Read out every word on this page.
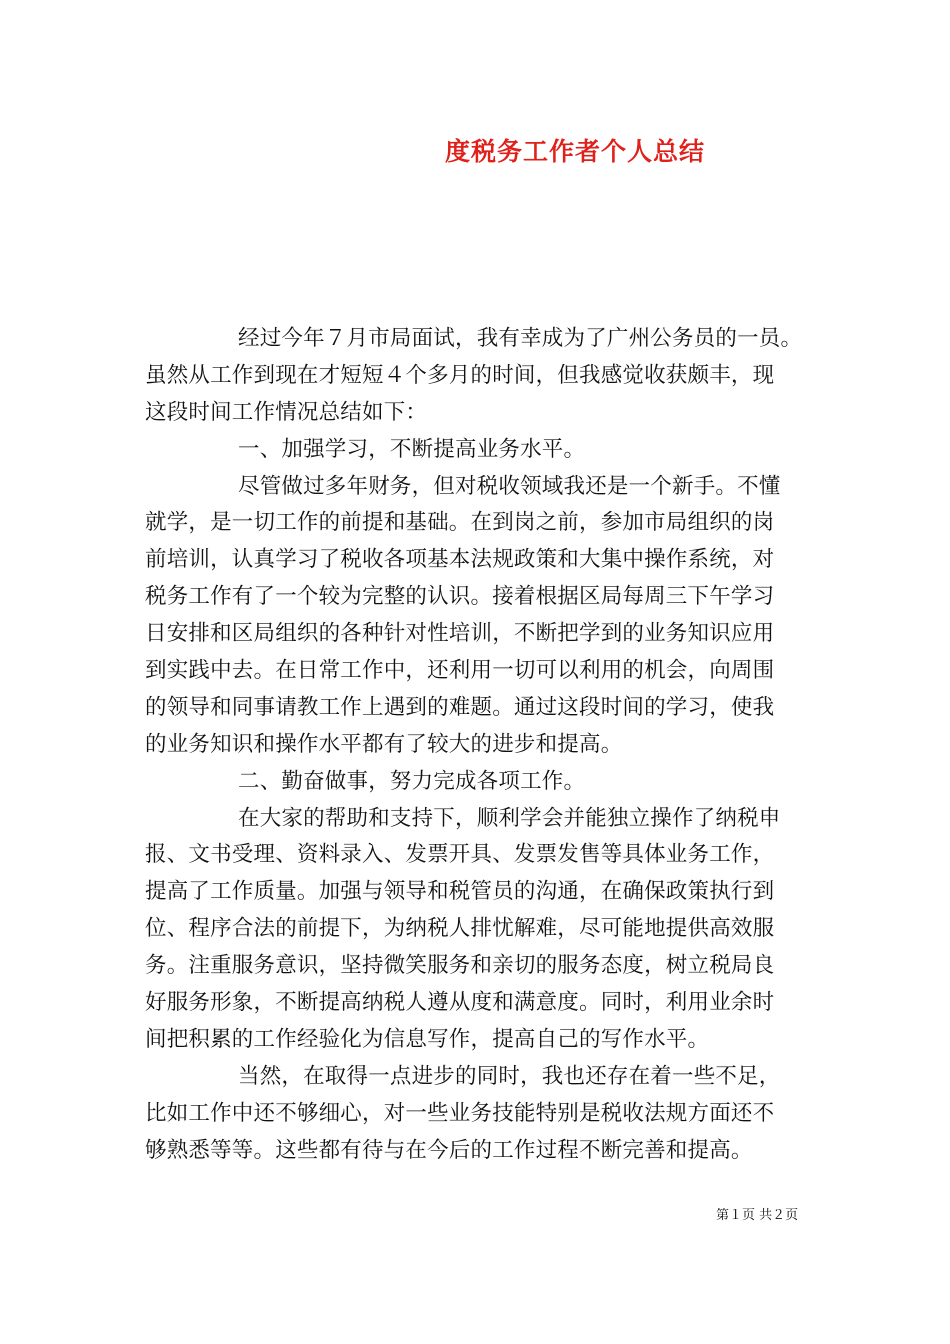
度税务工作者个人总结

经过今年７月市局面试，我有幸成为了广州公务员的一员。

虽然从工作到现在才短短４个多月的时间，但我感觉收获颇丰，现

这段时间工作情况总结如下：

一、加强学习，不断提高业务水平。

尽管做过多年财务，但对税收领域我还是一个新手。不懂

就学，是一切工作的前提和基础。在到岗之前，参加市局组织的岗

前培训，认真学习了税收各项基本法规政策和大集中操作系统，对

税务工作有了一个较为完整的认识。接着根据区局每周三下午学习

日安排和区局组织的各种针对性培训，不断把学到的业务知识应用

到实践中去。在日常工作中，还利用一切可以利用的机会，向周围

的领导和同事请教工作上遇到的难题。通过这段时间的学习，使我

的业务知识和操作水平都有了较大的进步和提高。

二、勤奋做事，努力完成各项工作。

在大家的帮助和支持下，顺利学会并能独立操作了纳税申

报、文书受理、资料录入、发票开具、发票发售等具体业务工作，

提高了工作质量。加强与领导和税管员的沟通，在确保政策执行到

位、程序合法的前提下，为纳税人排忧解难，尽可能地提供高效服

务。注重服务意识，坚持微笑服务和亲切的服务态度，树立税局良

好服务形象，不断提高纳税人遵从度和满意度。同时，利用业余时

间把积累的工作经验化为信息写作，提高自己的写作水平。

当然，在取得一点进步的同时，我也还存在着一些不足，

比如工作中还不够细心，对一些业务技能特别是税收法规方面还不

够熟悉等等。这些都有待与在今后的工作过程不断完善和提高。

第１页 共２页
